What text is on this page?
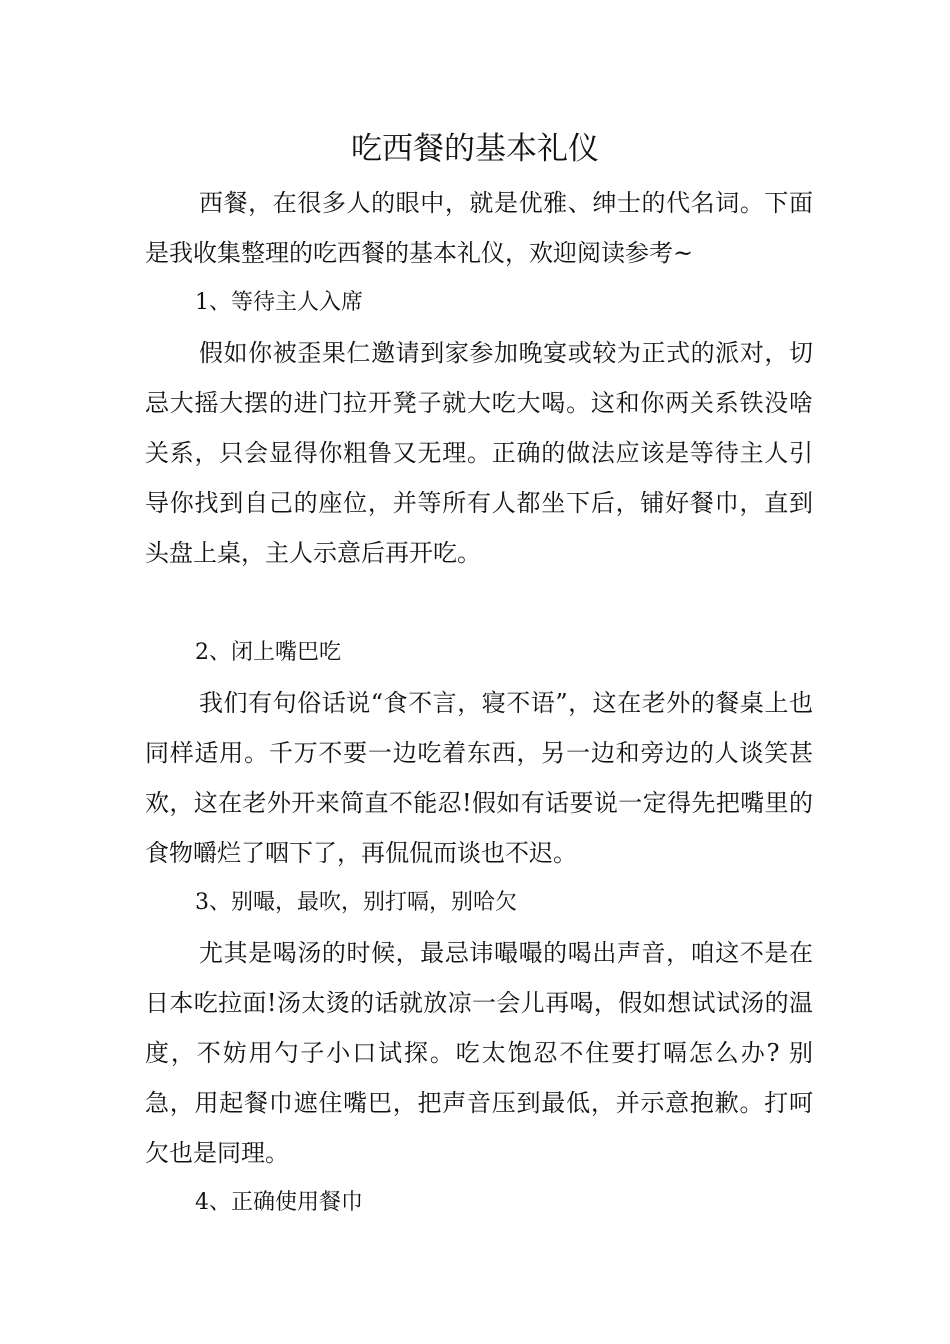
吃西餐的基本礼仪

西餐，在很多人的眼中，就是优雅、绅士的代名词。下面是我收集整理的吃西餐的基本礼仪，欢迎阅读参考~

1、等待主人入席

假如你被歪果仁邀请到家参加晚宴或较为正式的派对，切忌大摇大摆的进门拉开凳子就大吃大喝。这和你两关系铁没啥关系，只会显得你粗鲁又无理。正确的做法应该是等待主人引导你找到自己的座位，并等所有人都坐下后，铺好餐巾，直到头盘上桌，主人示意后再开吃。

2、闭上嘴巴吃

我们有句俗话说“食不言，寝不语”，这在老外的餐桌上也同样适用。千万不要一边吃着东西，另一边和旁边的人谈笑甚欢，这在老外开来简直不能忍!假如有话要说一定得先把嘴里的食物嚼烂了咽下了，再侃侃而谈也不迟。

3、别嘬，最吹，别打嗝，别哈欠

尤其是喝汤的时候，最忌讳嘬嘬的喝出声音，咱这不是在日本吃拉面!汤太烫的话就放凉一会儿再喝，假如想试试汤的温度，不妨用勺子小口试探。吃太饱忍不住要打嗝怎么办? 别急，用起餐巾遮住嘴巴，把声音压到最低，并示意抱歉。打呵欠也是同理。

4、正确使用餐巾
